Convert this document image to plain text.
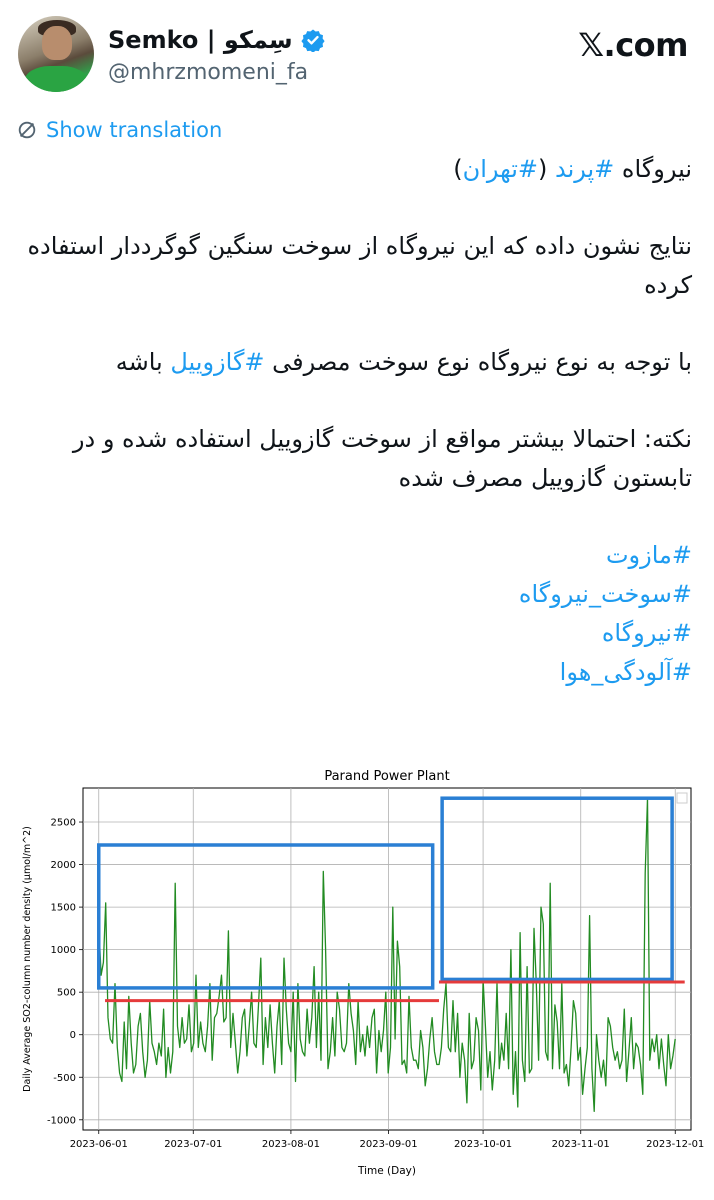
Semko | سِمکو
@mhrzmomeni_fa
𝕏.com
Show translation

نیروگاه #پرند (#تهران)

نتایج نشون داده که این نیروگاه از سوخت سنگین گوگرددار استفاده کرده

با توجه به نوع نیروگاه نوع سوخت مصرفی #گازوییل باشه

نکته: احتمالا بیشتر مواقع از سوخت گازوییل استفاده شده و در تابستون گازوییل مصرف شده

#مازوت

#سوخت_نیروگاه

#نیروگاه

#آلودگی_هوا

Parand Power Plant
2023-06-01	2023-07-01	2023-08-01	2023-09-01	2023-10-01	2023-11-01	2023-12-01
-1000
-500
0
500
1000
1500
2000
2500
Time (Day)
Daily Average SO2-column number density (µmol/m^2)
